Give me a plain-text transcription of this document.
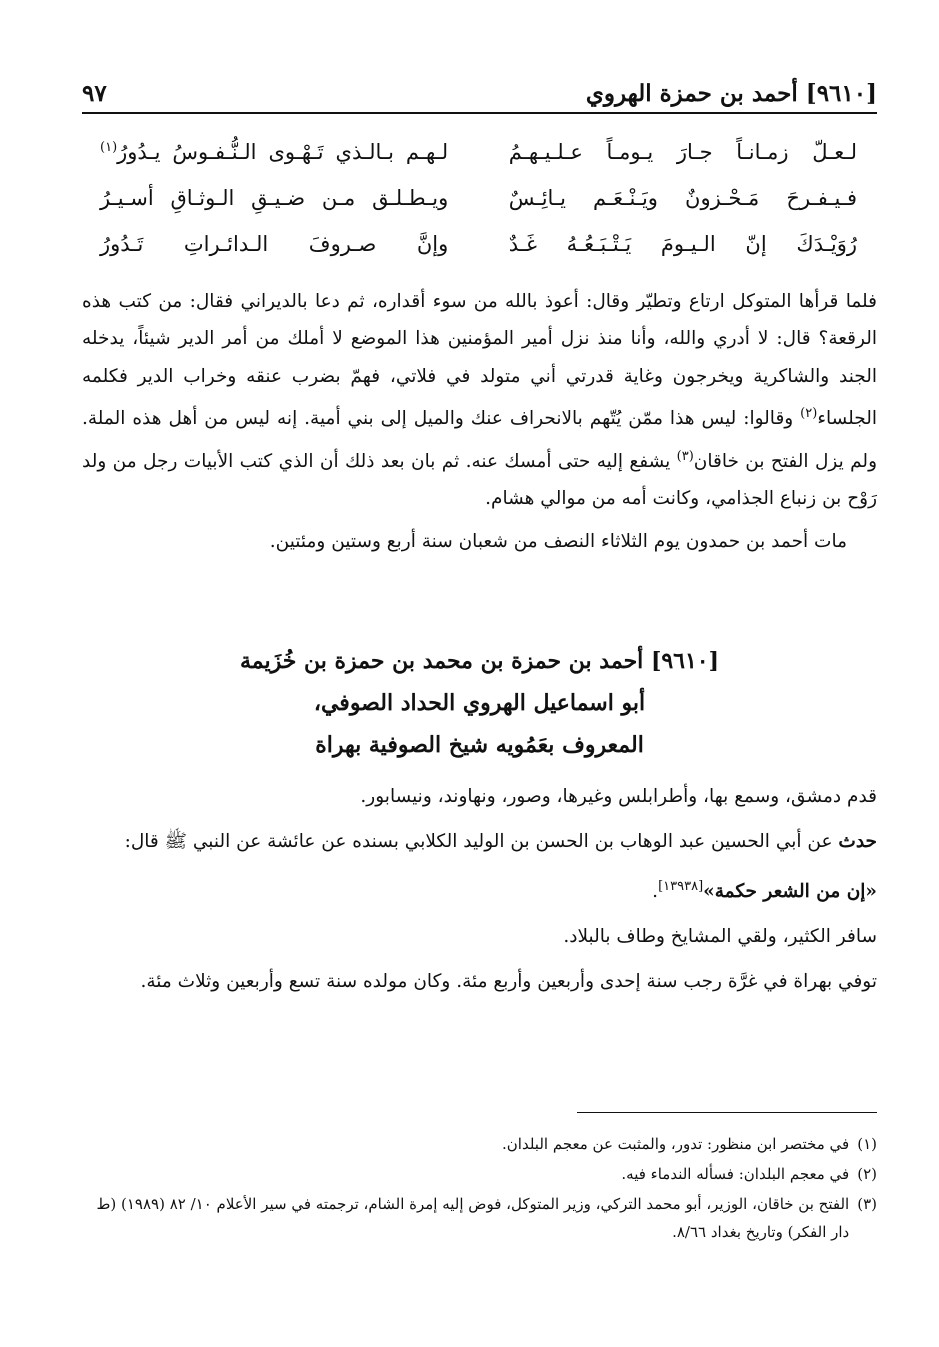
[٩٦١٠] أحمد بن حمزة الهروي
٩٧
لـعـلّ زمـانـاً جـارَ يـومـاً عـلـيـهـمُ
لـهـم بـالـذي تَـهْـوى الـنُّـفـوسُ يـدُورُ$^{(١)}$
فـيـفـرحَ مَـحْـزونٌ ويَـنْـعَـم يـائِـسٌ
ويـطـلـق مـن ضـيـقِ الـوثـاقِ أسـيـرُ
رُوَيْـدَكَ إنّ الـيـومَ يَـتْـبَـعُـهُ غَـدٌ
وإنَّ صـروفَ الـدائـراتِ تَـدُورُ

فلما قرأها المتوكل ارتاع وتطيّر وقال: أعوذ بالله من سوء أقداره، ثم دعا بالديراني فقال: من كتب هذه الرقعة؟ قال: لا أدري والله، وأنا منذ نزل أمير المؤمنين هذا الموضع لا أملك من أمر الدير شيئاً، يدخله الجند والشاكرية ويخرجون وغاية قدرتي أني متولد في فلاتي، فهمّ بضرب عنقه وخراب الدير فكلمه الجلساء$^{(٢)}$ وقالوا: ليس هذا ممّن يُتّهم بالانحراف عنك والميل إلى بني أمية. إنه ليس من أهل هذه الملة. ولم يزل الفتح بن خاقان$^{(٣)}$ يشفع إليه حتى أمسك عنه. ثم بان بعد ذلك أن الذي كتب الأبيات رجل من ولد رَوْح بن زنباع الجذامي، وكانت أمه من موالي هشام.

مات أحمد بن حمدون يوم الثلاثاء النصف من شعبان سنة أربع وستين ومئتين.

[٩٦١٠] أحمد بن حمزة بن محمد بن حمزة بن خُزَيمة
أبو اسماعيل الهروي الحداد الصوفي،
المعروف بعَمُويه شيخ الصوفية بهراة

قدم دمشق، وسمع بها، وأطرابلس وغيرها، وصور، ونهاوند، ونيسابور.

حدث عن أبي الحسين عبد الوهاب بن الحسن بن الوليد الكلابي بسنده عن عائشة عن النبي ﷺ قال:

«إن من الشعر حكمة»[١٣٩٣٨].

سافر الكثير، ولقي المشايخ وطاف بالبلاد.

توفي بهراة في غرَّة رجب سنة إحدى وأربعين وأربع مئة. وكان مولده سنة تسع وأربعين وثلاث مئة.

(١)
في مختصر ابن منظور: تدور، والمثبت عن معجم البلدان.
(٢)
في معجم البلدان: فسأله الندماء فيه.
(٣)
الفتح بن خاقان، الوزير، أبو محمد التركي، وزير المتوكل، فوض إليه إمرة الشام، ترجمته في سير الأعلام ١٠/ ٨٢ (١٩٨٩) (ط دار الفكر) وتاريخ بغداد ٨/٦٦.
